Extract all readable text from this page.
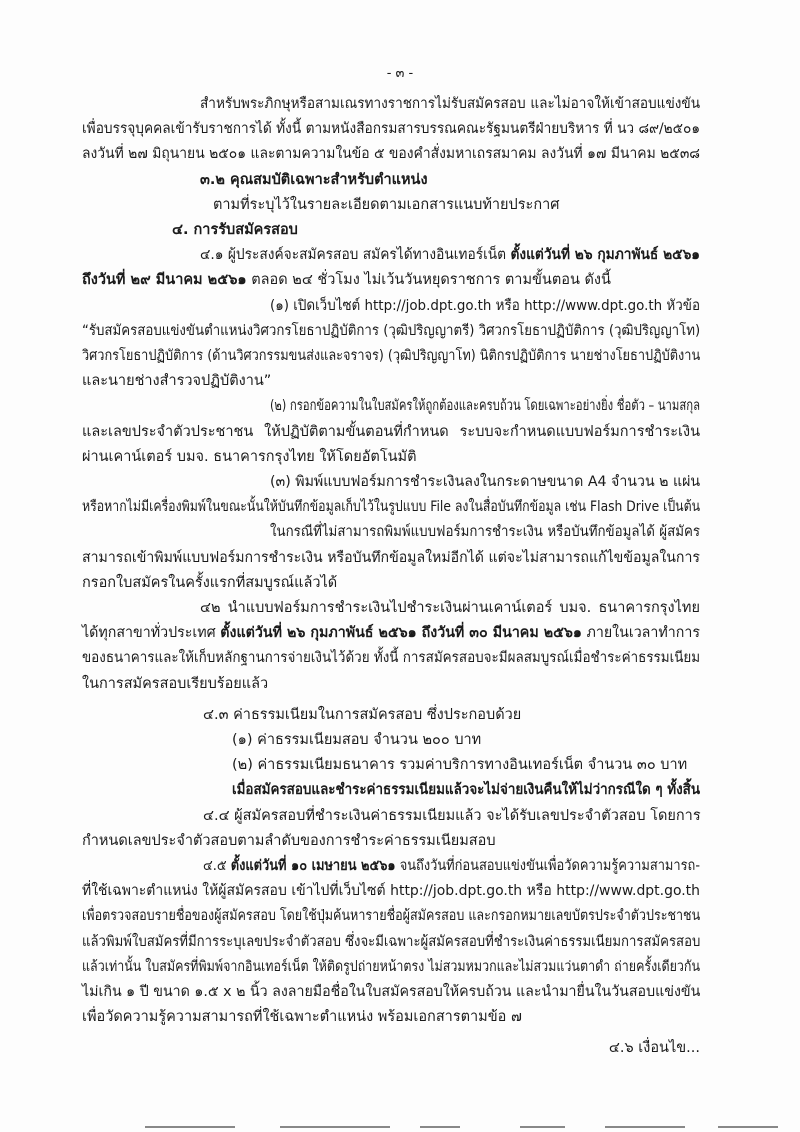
- ๓ -
สำหรับพระภิกษุหรือสามเณรทางราชการไม่รับสมัครสอบ และไม่อาจให้เข้าสอบแข่งขัน
เพื่อบรรจุบุคคลเข้ารับราชการได้ ทั้งนี้ ตามหนังสือกรมสารบรรณคณะรัฐมนตรีฝ่ายบริหาร ที่ นว ๘๙/๒๕๐๑
ลงวันที่ ๒๗ มิถุนายน ๒๕๐๑ และตามความในข้อ ๕ ของคำสั่งมหาเถรสมาคม ลงวันที่ ๑๗ มีนาคม ๒๕๓๘
๓.๒ คุณสมบัติเฉพาะสำหรับตำแหน่ง
ตามที่ระบุไว้ในรายละเอียดตามเอกสารแนบท้ายประกาศ
๔. การรับสมัครสอบ
๔.๑ ผู้ประสงค์จะสมัครสอบ สมัครได้ทางอินเทอร์เน็ต ตั้งแต่วันที่ ๒๖ กุมภาพันธ์ ๒๕๖๑
ถึงวันที่ ๒๙ มีนาคม ๒๕๖๑ ตลอด ๒๔ ชั่วโมง ไม่เว้นวันหยุดราชการ ตามขั้นตอน ดังนี้
(๑) เปิดเว็บไซต์ http://job.dpt.go.th หรือ http://www.dpt.go.th หัวข้อ
“รับสมัครสอบแข่งขันตำแหน่งวิศวกรโยธาปฏิบัติการ (วุฒิปริญญาตรี) วิศวกรโยธาปฏิบัติการ (วุฒิปริญญาโท)
วิศวกรโยธาปฏิบัติการ (ด้านวิศวกรรมขนส่งและจราจร) (วุฒิปริญญาโท) นิติกรปฏิบัติการ นายช่างโยธาปฏิบัติงาน
และนายช่างสำรวจปฏิบัติงาน”
(๒) กรอกข้อความในใบสมัครให้ถูกต้องและครบถ้วน โดยเฉพาะอย่างยิ่ง ชื่อตัว – นามสกุล
และเลขประจำตัวประชาชน ให้ปฏิบัติตามขั้นตอนที่กำหนด ระบบจะกำหนดแบบฟอร์มการชำระเงิน
ผ่านเคาน์เตอร์ บมจ. ธนาคารกรุงไทย ให้โดยอัตโนมัติ
(๓) พิมพ์แบบฟอร์มการชำระเงินลงในกระดาษขนาด A4 จำนวน ๒ แผ่น
หรือหากไม่มีเครื่องพิมพ์ในขณะนั้นให้บันทึกข้อมูลเก็บไว้ในรูปแบบ File ลงในสื่อบันทึกข้อมูล เช่น Flash Drive เป็นต้น
ในกรณีที่ไม่สามารถพิมพ์แบบฟอร์มการชำระเงิน หรือบันทึกข้อมูลได้ ผู้สมัคร
สามารถเข้าพิมพ์แบบฟอร์มการชำระเงิน หรือบันทึกข้อมูลใหม่อีกได้ แต่จะไม่สามารถแก้ไขข้อมูลในการ
กรอกใบสมัครในครั้งแรกที่สมบูรณ์แล้วได้
๔๒ นำแบบฟอร์มการชำระเงินไปชำระเงินผ่านเคาน์เตอร์ บมจ. ธนาคารกรุงไทย
ได้ทุกสาขาทั่วประเทศ ตั้งแต่วันที่ ๒๖ กุมภาพันธ์ ๒๕๖๑ ถึงวันที่ ๓๐ มีนาคม ๒๕๖๑ ภายในเวลาทำการ
ของธนาคารและให้เก็บหลักฐานการจ่ายเงินไว้ด้วย ทั้งนี้ การสมัครสอบจะมีผลสมบูรณ์เมื่อชำระค่าธรรมเนียม
ในการสมัครสอบเรียบร้อยแล้ว
๔.๓ ค่าธรรมเนียมในการสมัครสอบ ซึ่งประกอบด้วย
(๑) ค่าธรรมเนียมสอบ จำนวน ๒๐๐ บาท
(๒) ค่าธรรมเนียมธนาคาร รวมค่าบริการทางอินเทอร์เน็ต จำนวน ๓๐ บาท
เมื่อสมัครสอบและชำระค่าธรรมเนียมแล้วจะไม่จ่ายเงินคืนให้ไม่ว่ากรณีใด ๆ ทั้งสิ้น
๔.๔ ผู้สมัครสอบที่ชำระเงินค่าธรรมเนียมแล้ว จะได้รับเลขประจำตัวสอบ โดยการ
กำหนดเลขประจำตัวสอบตามลำดับของการชำระค่าธรรมเนียมสอบ
๔.๕ ตั้งแต่วันที่ ๑๐ เมษายน ๒๕๖๑ จนถึงวันที่ก่อนสอบแข่งขันเพื่อวัดความรู้ความสามารถ-
ที่ใช้เฉพาะตำแหน่ง ให้ผู้สมัครสอบ เข้าไปที่เว็บไซต์ http://job.dpt.go.th หรือ http://www.dpt.go.th
เพื่อตรวจสอบรายชื่อของผู้สมัครสอบ โดยใช้ปุ่มค้นหารายชื่อผู้สมัครสอบ และกรอกหมายเลขบัตรประจำตัวประชาชน
แล้วพิมพ์ใบสมัครที่มีการระบุเลขประจำตัวสอบ ซึ่งจะมีเฉพาะผู้สมัครสอบที่ชำระเงินค่าธรรมเนียมการสมัครสอบ
แล้วเท่านั้น ใบสมัครที่พิมพ์จากอินเทอร์เน็ต ให้ติดรูปถ่ายหน้าตรง ไม่สวมหมวกและไม่สวมแว่นตาดำ ถ่ายครั้งเดียวกัน
ไม่เกิน ๑ ปี ขนาด ๑.๕ x ๒ นิ้ว ลงลายมือชื่อในใบสมัครสอบให้ครบถ้วน และนำมายื่นในวันสอบแข่งขัน
เพื่อวัดความรู้ความสามารถที่ใช้เฉพาะตำแหน่ง พร้อมเอกสารตามข้อ ๗
๔.๖ เงื่อนไข...
